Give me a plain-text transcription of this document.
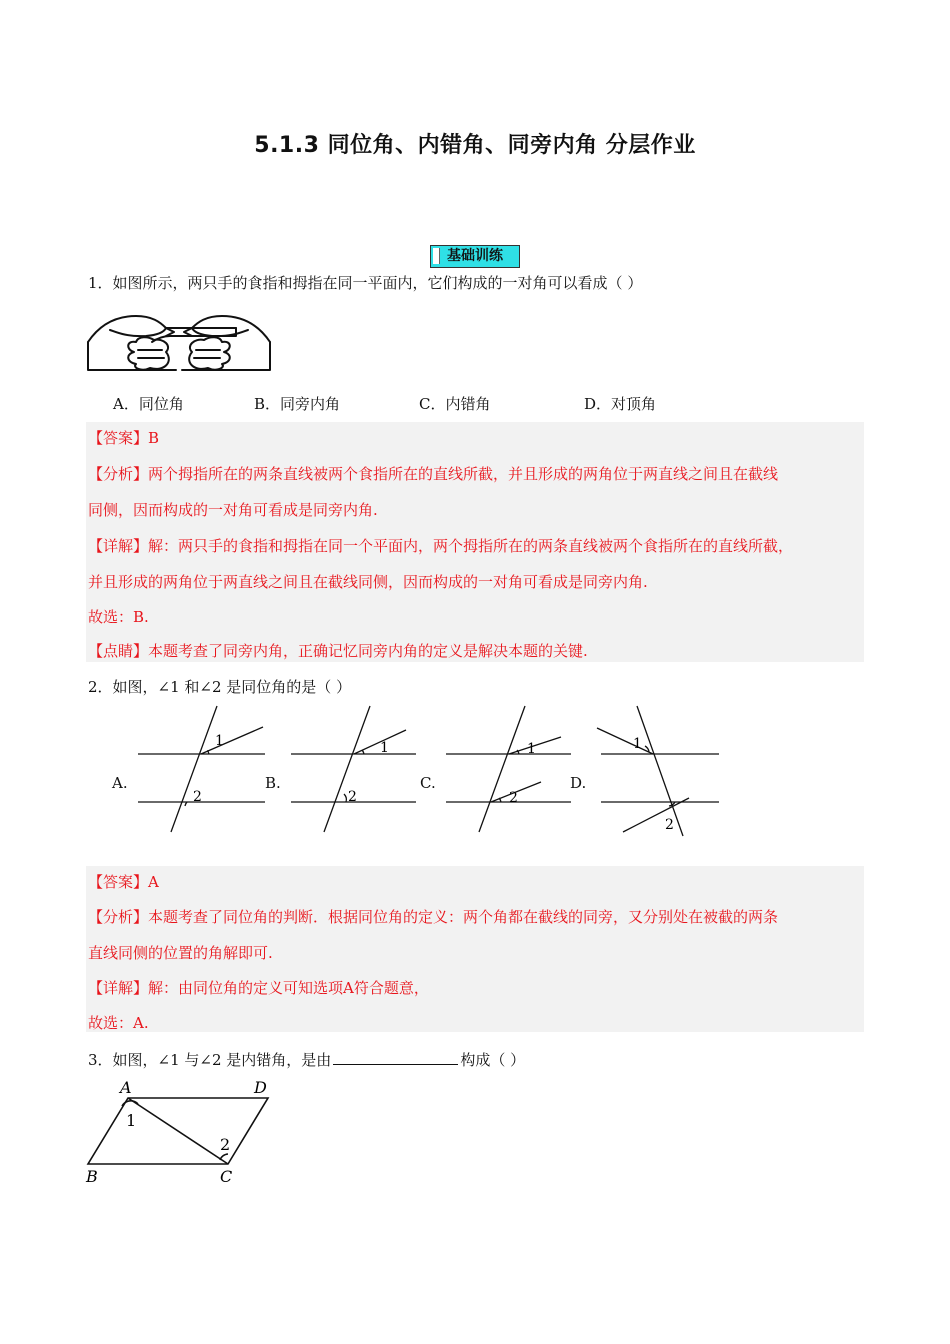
5.1.3 同位角、内错角、同旁内角 分层作业
基础训练
1．如图所示，两只手的食指和拇指在同一平面内，它们构成的一对角可以看成（ ）
A．同位角	B．同旁内角	C．内错角	D．对顶角
【答案】B
【分析】两个拇指所在的两条直线被两个食指所在的直线所截，并且形成的两角位于两直线之间且在截线
同侧，因而构成的一对角可看成是同旁内角.
【详解】解：两只手的食指和拇指在同一个平面内，两个拇指所在的两条直线被两个食指所在的直线所截，
并且形成的两角位于两直线之间且在截线同侧，因而构成的一对角可看成是同旁内角.
故选：B.
【点睛】本题考查了同旁内角，正确记忆同旁内角的定义是解决本题的关键.
2．如图，∠1 和∠2 是同位角的是（ ）
A.	B.	C.	D.
1
2
1
2
1
2
1
2
【答案】A
【分析】本题考查了同位角的判断．根据同位角的定义：两个角都在截线的同旁，又分别处在被截的两条
直线同侧的位置的角解即可.
【详解】解：由同位角的定义可知选项A符合题意，
故选：A.
3．如图，∠1 与∠2 是内错角，是由	构成（ ）
A	D
B	C
1
2
